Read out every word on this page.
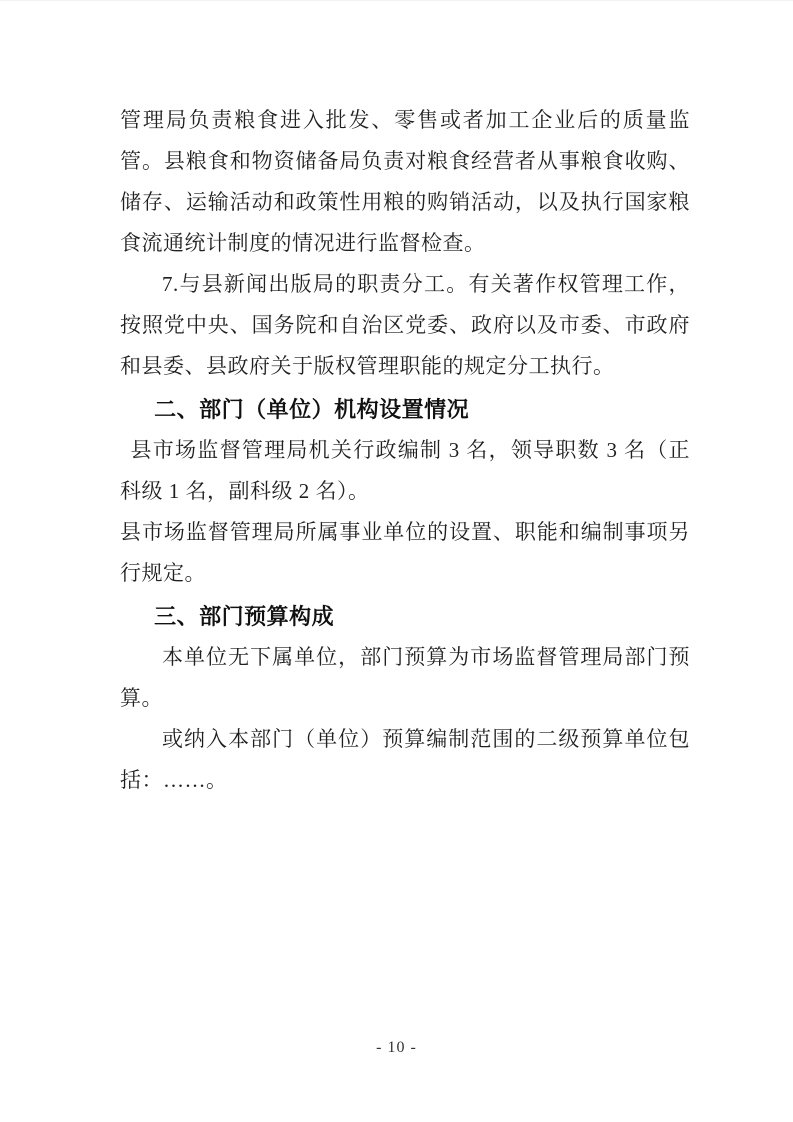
管理局负责粮食进入批发、零售或者加工企业后的质量监管。县粮食和物资储备局负责对粮食经营者从事粮食收购、储存、运输活动和政策性用粮的购销活动，以及执行国家粮食流通统计制度的情况进行监督检查。

7.与县新闻出版局的职责分工。有关著作权管理工作，按照党中央、国务院和自治区党委、政府以及市委、市政府和县委、县政府关于版权管理职能的规定分工执行。

二、部门（单位）机构设置情况

县市场监督管理局机关行政编制 3 名，领导职数 3 名（正科级 1 名，副科级 2 名）。

县市场监督管理局所属事业单位的设置、职能和编制事项另行规定。

三、部门预算构成

本单位无下属单位，部门预算为市场监督管理局部门预算。

或纳入本部门（单位）预算编制范围的二级预算单位包括：……。

- 10 -
